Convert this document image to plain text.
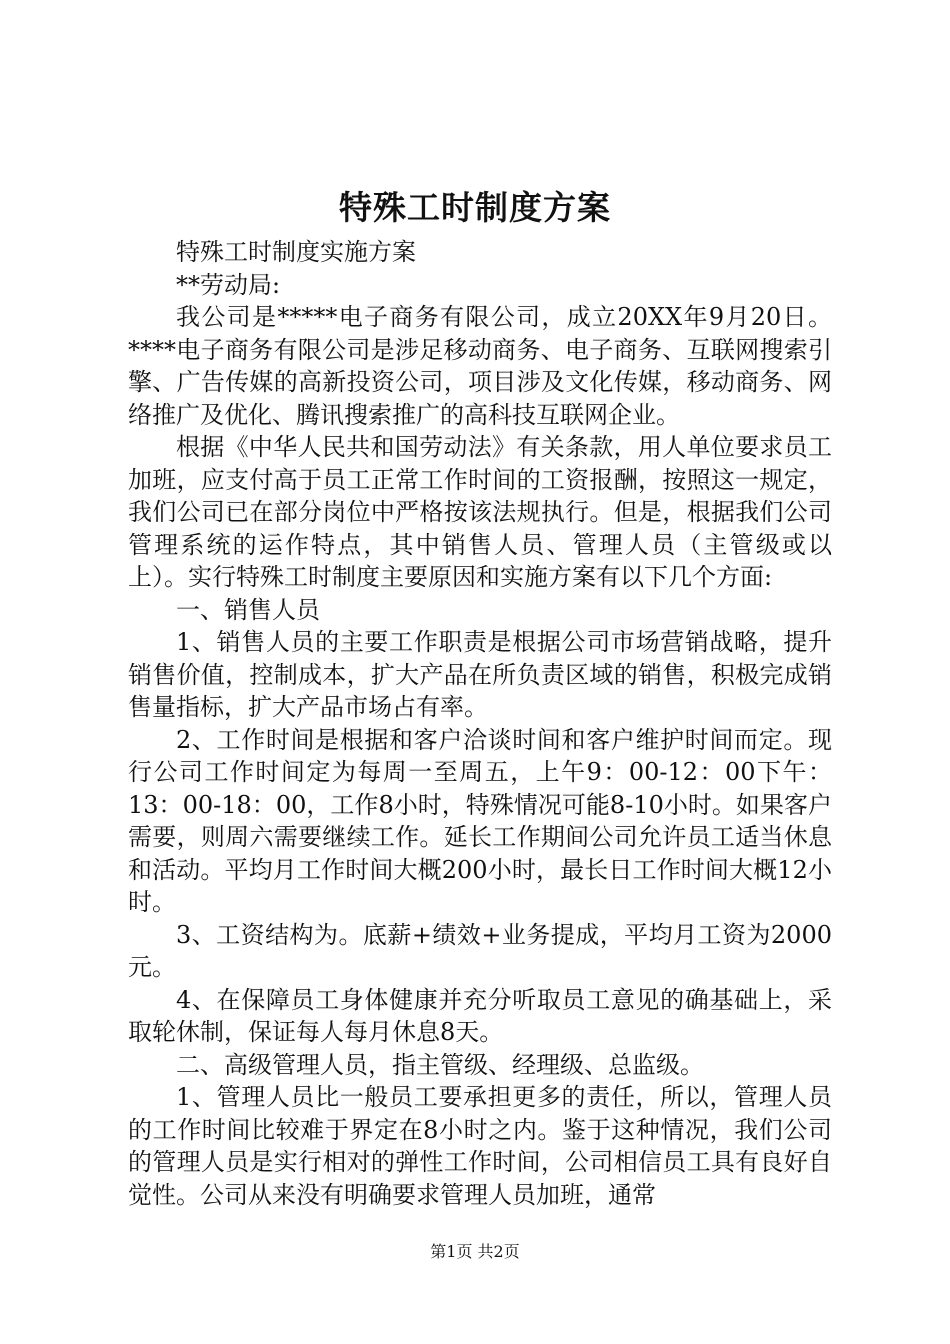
特殊工时制度方案

特殊工时制度实施方案

**劳动局:

我公司是*****电子商务有限公司，成立20XX年9月20日。****电子商务有限公司是涉足移动商务、电子商务、互联网搜索引擎、广告传媒的高新投资公司，项目涉及文化传媒，移动商务、网络推广及优化、腾讯搜索推广的高科技互联网企业。

根据《中华人民共和国劳动法》有关条款，用人单位要求员工加班，应支付高于员工正常工作时间的工资报酬，按照这一规定，我们公司已在部分岗位中严格按该法规执行。但是，根据我们公司管理系统的运作特点，其中销售人员、管理人员（主管级或以上）。实行特殊工时制度主要原因和实施方案有以下几个方面:

一、销售人员

1、销售人员的主要工作职责是根据公司市场营销战略，提升销售价值，控制成本，扩大产品在所负责区域的销售，积极完成销售量指标，扩大产品市场占有率。

2、工作时间是根据和客户洽谈时间和客户维护时间而定。现行公司工作时间定为每周一至周五，上午9：00-12：00下午：13：00-18：00，工作8小时，特殊情况可能8-10小时。如果客户需要，则周六需要继续工作。延长工作期间公司允许员工适当休息和活动。平均月工作时间大概200小时，最长日工作时间大概12小时。

3、工资结构为。底薪+绩效+业务提成，平均月工资为2000元。

4、在保障员工身体健康并充分听取员工意见的确基础上，采取轮休制，保证每人每月休息8天。

二、高级管理人员，指主管级、经理级、总监级。

1、管理人员比一般员工要承担更多的责任，所以，管理人员的工作时间比较难于界定在8小时之内。鉴于这种情况，我们公司的管理人员是实行相对的弹性工作时间，公司相信员工具有良好自觉性。公司从来没有明确要求管理人员加班，通常

第1页 共2页
